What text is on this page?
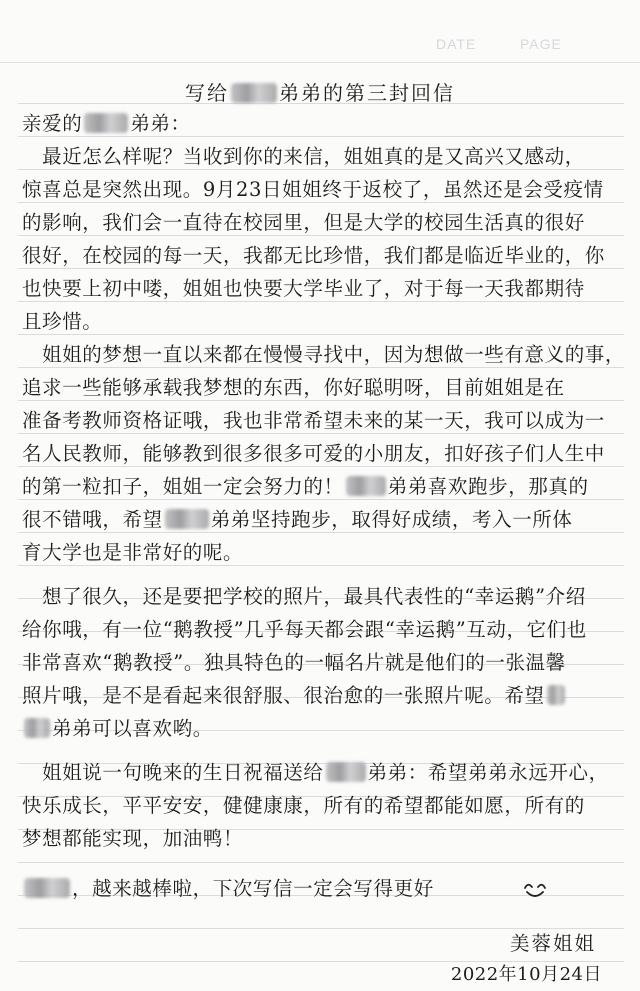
DATE	PAGE
写给	弟弟的第三封回信
亲爱的 弟弟：
　最近怎么样呢？当收到你的来信，姐姐真的是又高兴又感动，
惊喜总是突然出现。9月23日姐姐终于返校了，虽然还是会受疫情
的影响，我们会一直待在校园里，但是大学的校园生活真的很好
很好，在校园的每一天，我都无比珍惜，我们都是临近毕业的，你
也快要上初中喽，姐姐也快要大学毕业了，对于每一天我都期待
且珍惜。
　姐姐的梦想一直以来都在慢慢寻找中，因为想做一些有意义的事，
追求一些能够承载我梦想的东西，你好聪明呀，目前姐姐是在
准备考教师资格证哦，我也非常希望未来的某一天，我可以成为一
名人民教师，能够教到很多很多可爱的小朋友，扣好孩子们人生中
的第一粒扣子，姐姐一定会努力的！ 弟弟喜欢跑步，那真的
很不错哦，希望 弟弟坚持跑步，取得好成绩，考入一所体
育大学也是非常好的呢。
　想了很久，还是要把学校的照片，最具代表性的“幸运鹅”介绍
给你哦，有一位“鹅教授”几乎每天都会跟“幸运鹅”互动，它们也
非常喜欢“鹅教授”。独具特色的一幅名片就是他们的一张温馨
照片哦，是不是看起来很舒服、很治愈的一张照片呢。希望
弟弟可以喜欢哟。
　姐姐说一句晚来的生日祝福送给 弟弟：希望弟弟永远开心，
快乐成长，平平安安，健健康康，所有的希望都能如愿，所有的
梦想都能实现，加油鸭！
，越来越棒啦，下次写信一定会写得更好
美蓉姐姐
2022年10月24日
